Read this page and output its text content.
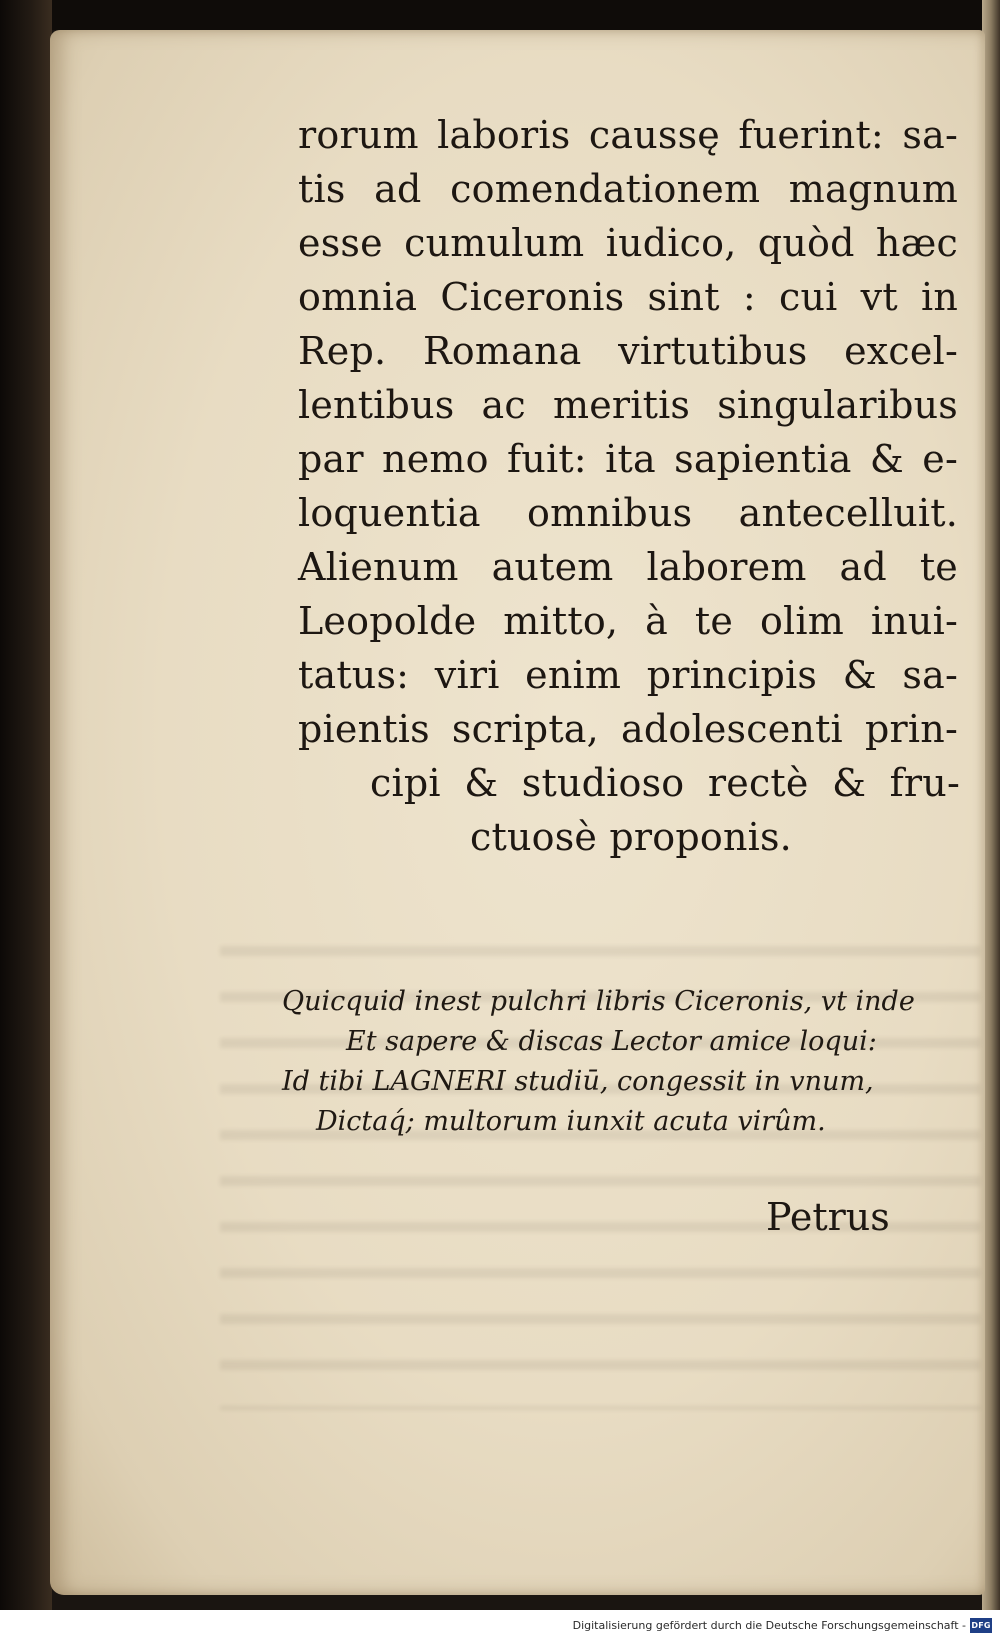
rorum laboris caussę fuerint: sa-
tis ad comendationem magnum
esse cumulum iudico, quòd hæc
omnia Ciceronis sint : cui vt in
Rep. Romana virtutibus excel-
lentibus ac meritis singularibus
par nemo fuit: ita sapientia & e-
loquentia omnibus antecelluit.
Alienum autem laborem ad te
Leopolde mitto, à te olim inui-
tatus: viri enim principis & sa-
pientis scripta, adolescenti prin-
cipi & studioso rectè & fru-
ctuosè proponis.
Quicquid inest pulchri libris Ciceronis, vt inde
Et sapere & discas Lector amice loqui:
Id tibi LAGNERI studiū, congessit in vnum,
Dictaq́; multorum iunxit acuta virûm.
Petrus
Digitalisierung gefördert durch die Deutsche Forschungsgemeinschaft - DFG
